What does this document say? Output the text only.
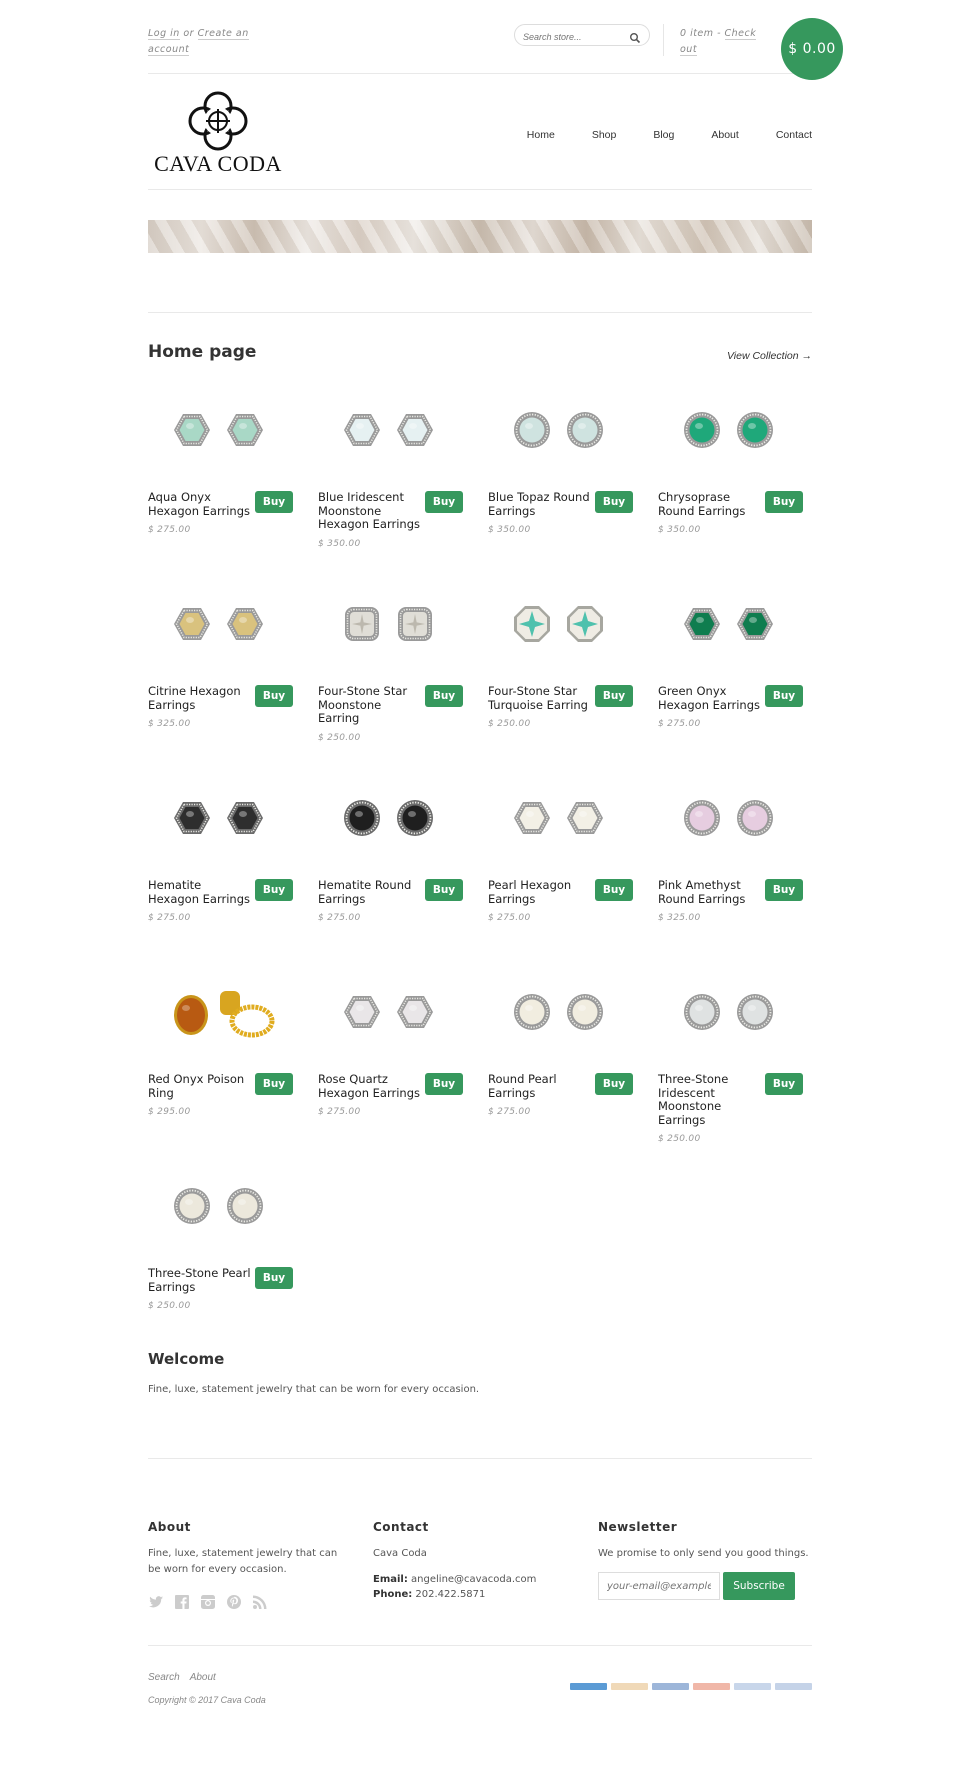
Log in or Create an account
Search store...
0 item - Check out	$ 0.00
CAVA CODA
Home	Shop	Blog	About	Contact
Home page	View Collection →
Aqua Onyx Hexagon Earrings
Buy
$ 275.00
Blue Iridescent Moonstone Hexagon Earrings
Buy
$ 350.00
Blue Topaz Round Earrings
Buy
$ 350.00
Chrysoprase Round Earrings
Buy
$ 350.00
Citrine Hexagon Earrings
Buy
$ 325.00
Four-Stone Star Moonstone Earring
Buy
$ 250.00
Four-Stone Star Turquoise Earring
Buy
$ 250.00
Green Onyx Hexagon Earrings
Buy
$ 275.00
Hematite Hexagon Earrings
Buy
$ 275.00
Hematite Round Earrings
Buy
$ 275.00
Pearl Hexagon Earrings
Buy
$ 275.00
Pink Amethyst Round Earrings
Buy
$ 325.00
Red Onyx Poison Ring
Buy
$ 295.00
Rose Quartz Hexagon Earrings
Buy
$ 275.00
Round Pearl Earrings
Buy
$ 275.00
Three-Stone Iridescent Moonstone Earrings
Buy
$ 250.00
Three-Stone Pearl Earrings
Buy
$ 250.00
Welcome

Fine, luxe, statement jewelry that can be worn for every occasion.

About

Fine, luxe, statement jewelry that can be worn for every occasion.

Contact

Cava Coda

Email: angeline@cavacoda.com
Phone: 202.422.5871
Newsletter

We promise to only send you good things.

your-email@example.com
Subscribe
Search About
Copyright © 2017 Cava Coda
